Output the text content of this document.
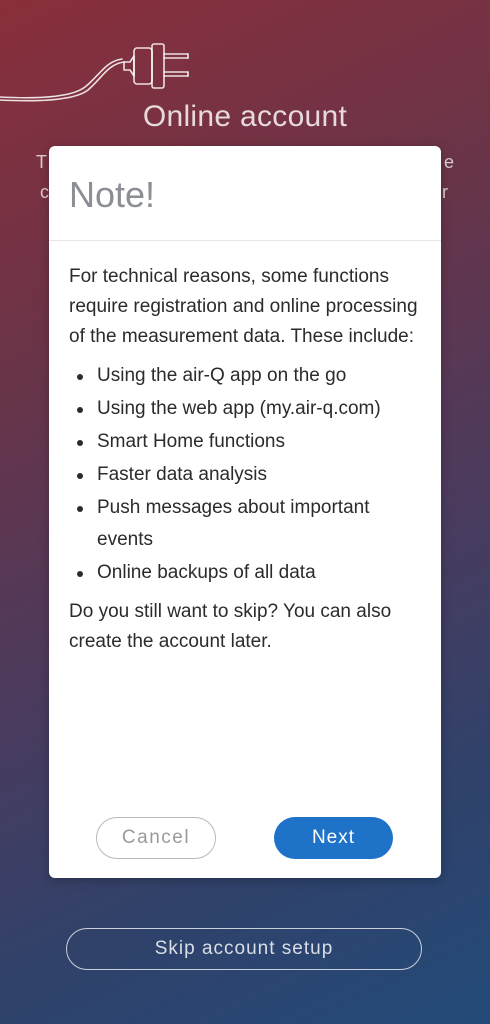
Online account
T
c
e
r
Skip account setup
Note!

For technical reasons, some functions require registration and online processing of the measurement data. These include:

Using the air-Q app on the go
Using the web app (my.air-q.com)
Smart Home functions
Faster data analysis
Push messages about important events
Online backups of all data

Do you still want to skip? You can also create the account later.

Cancel	Next
